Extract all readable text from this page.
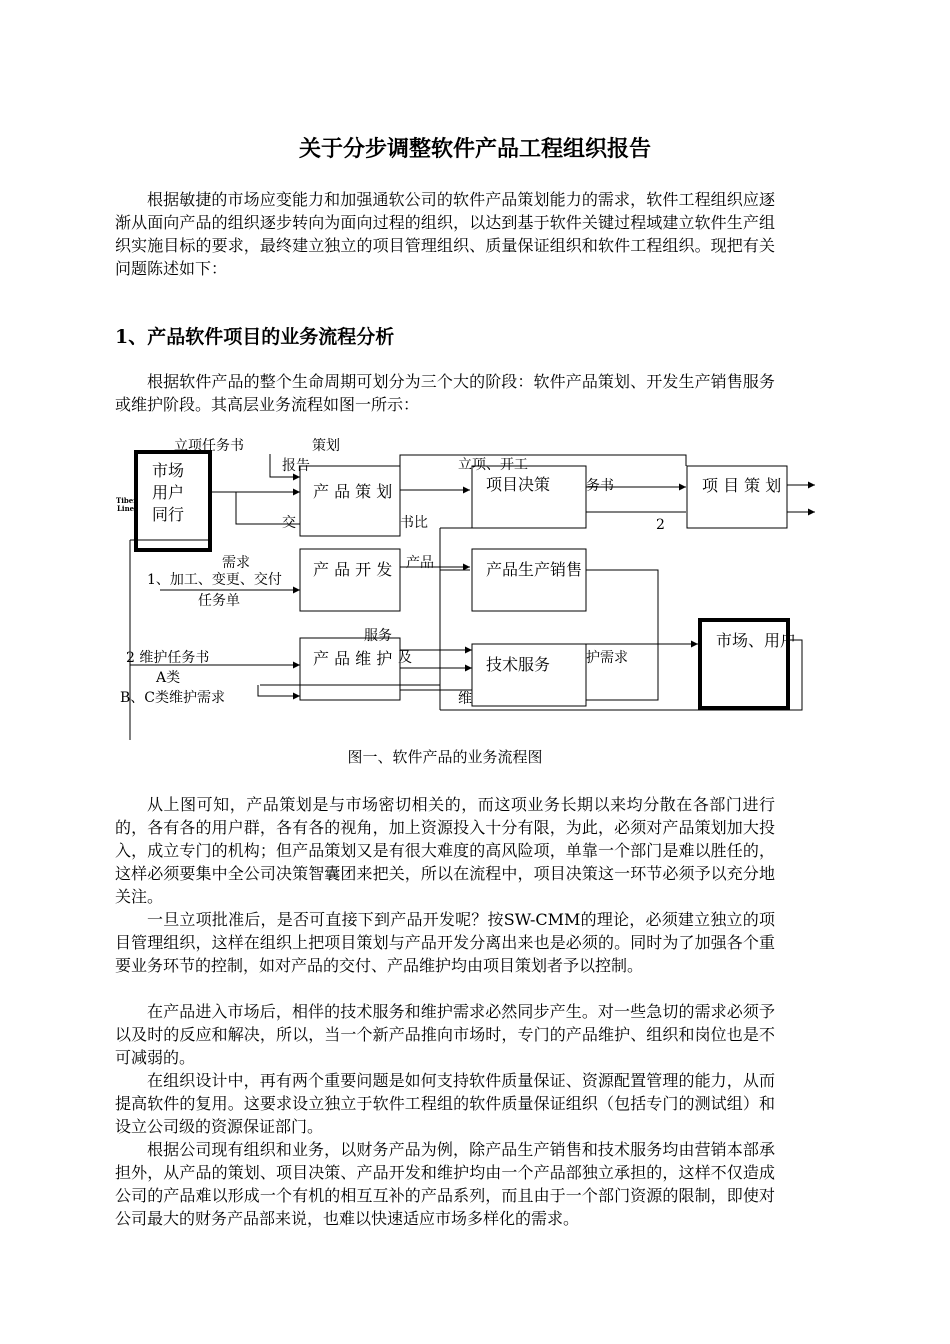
关于分步调整软件产品工程组织报告

根据敏捷的市场应变能力和加强通软公司的软件产品策划能力的需求，软件工程组织应逐渐从面向产品的组织逐步转向为面向过程的组织，以达到基于软件关键过程域建立软件生产组织实施目标的要求，最终建立独立的项目管理组织、质量保证组织和软件工程组织。现把有关问题陈述如下：

1、产品软件项目的业务流程分析

根据软件产品的整个生命周期可划分为三个大的阶段：软件产品策划、开发生产销售服务或维护阶段。其高层业务流程如图一所示：

市场用户同行
产 品 策 划
产 品 开 发
产 品 维 护
项目决策
产品生产销售
技术服务
项 目 策 划
市场、用户
立项任务书	策划
报告	立项、开工
务书
书比
交	2
需求
1、加工、变更、交付
任务单
产品
服务
及	护需求
2 维护任务书
A类
B、C类维护需求	维
Tiber
Line
图一、软件产品的业务流程图

从上图可知，产品策划是与市场密切相关的，而这项业务长期以来均分散在各部门进行的，各有各的用户群，各有各的视角，加上资源投入十分有限，为此，必须对产品策划加大投入，成立专门的机构；但产品策划又是有很大难度的高风险项，单靠一个部门是难以胜任的，这样必须要集中全公司决策智囊团来把关，所以在流程中，项目决策这一环节必须予以充分地关注。

一旦立项批准后，是否可直接下到产品开发呢？按SW-CMM的理论，必须建立独立的项目管理组织，这样在组织上把项目策划与产品开发分离出来也是必须的。同时为了加强各个重要业务环节的控制，如对产品的交付、产品维护均由项目策划者予以控制。

在产品进入市场后，相伴的技术服务和维护需求必然同步产生。对一些急切的需求必须予以及时的反应和解决，所以，当一个新产品推向市场时，专门的产品维护、组织和岗位也是不可减弱的。

在组织设计中，再有两个重要问题是如何支持软件质量保证、资源配置管理的能力，从而提高软件的复用。这要求设立独立于软件工程组的软件质量保证组织（包括专门的测试组）和设立公司级的资源保证部门。

根据公司现有组织和业务，以财务产品为例，除产品生产销售和技术服务均由营销本部承担外，从产品的策划、项目决策、产品开发和维护均由一个产品部独立承担的，这样不仅造成公司的产品难以形成一个有机的相互互补的产品系列，而且由于一个部门资源的限制，即使对公司最大的财务产品部来说，也难以快速适应市场多样化的需求。
